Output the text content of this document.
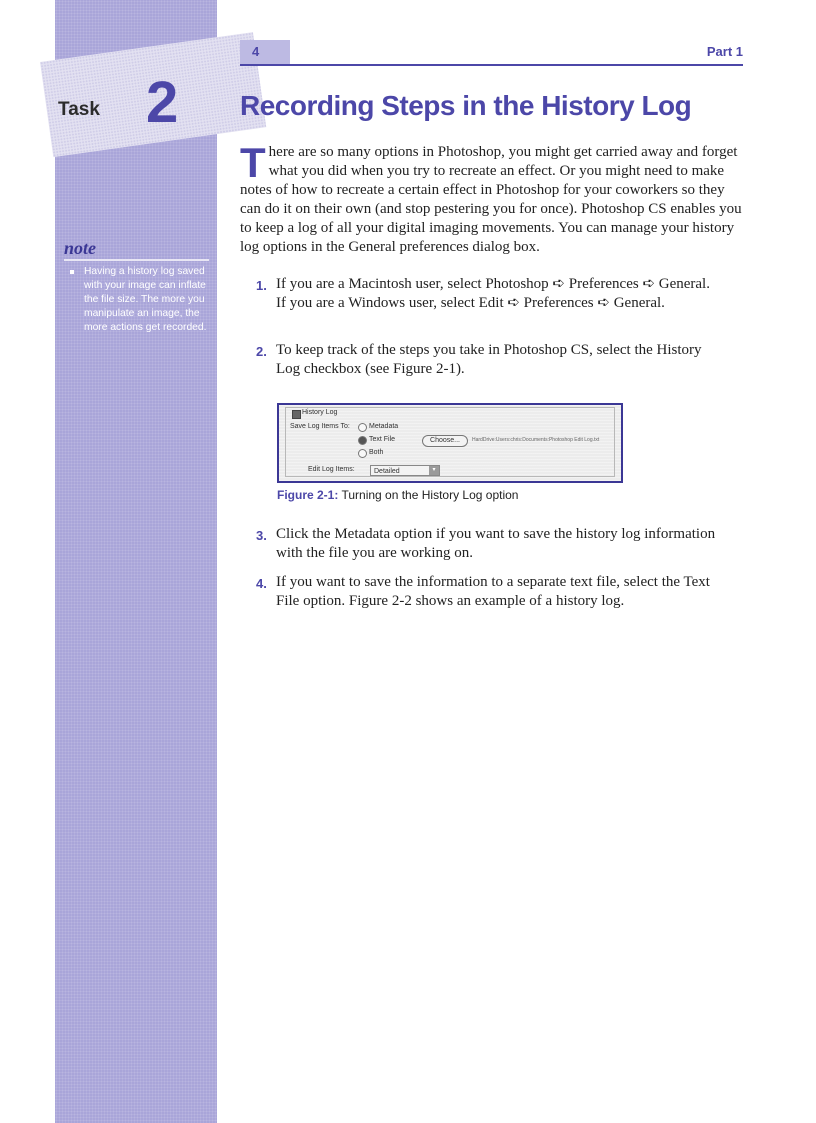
Task 2
note
Having a history log saved with your image can inflate the file size. The more you manipulate an image, the more actions get recorded.
4	Part 1
Recording Steps in the History Log

There are so many options in Photoshop, you might get carried away and forget what you did when you try to recreate an effect. Or you might need to make notes of how to recreate a certain effect in Photoshop for your coworkers so they can do it on their own (and stop pestering you for once). Photoshop CS enables you to keep a log of all your digital imaging movements. You can manage your history log options in the General preferences dialog box.

1. If you are a Macintosh user, select Photoshop ➪ Preferences ➪ General. If you are a Windows user, select Edit ➪ Preferences ➪ General.
2. To keep track of the steps you take in Photoshop CS, select the History Log checkbox (see Figure 2-1).
History Log
Save Log Items To:	Metadata
Text File	Choose...	HardDrive:Users:chris:Documents:Photoshop Edit Log.txt
Both
Edit Log Items:	Detailed	▾
Figure 2-1: Turning on the History Log option
3. Click the Metadata option if you want to save the history log information with the file you are working on.
4. If you want to save the information to a separate text file, select the Text File option. Figure 2-2 shows an example of a history log.
